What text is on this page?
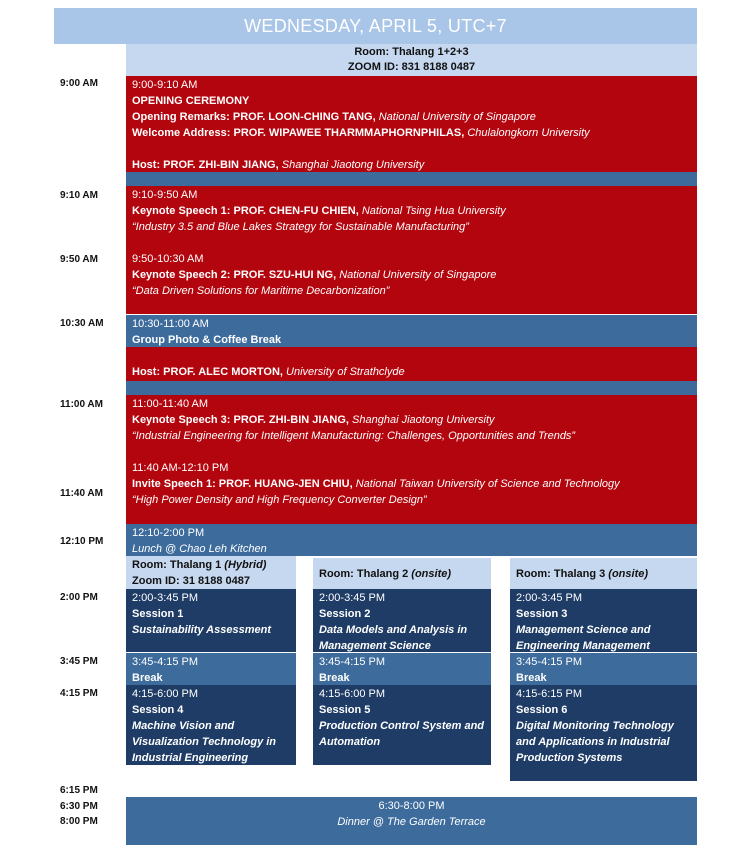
WEDNESDAY, APRIL 5, UTC+7
Room: Thalang 1+2+3
ZOOM ID: 831 8188 0487
9:00 AM
9:10 AM
9:50 AM
10:30 AM
11:00 AM
11:40 AM
12:10 PM
2:00 PM
3:45 PM
4:15 PM
6:15 PM
6:30 PM
8:00 PM
9:00-9:10 AM
OPENING CEREMONY
Opening Remarks: PROF. LOON-CHING TANG, National University of Singapore
Welcome Address: PROF. WIPAWEE THARMMAPHORNPHILAS, Chulalongkorn University

Host: PROF. ZHI-BIN JIANG, Shanghai Jiaotong University
9:10-9:50 AM
Keynote Speech 1: PROF. CHEN-FU CHIEN, National Tsing Hua University
“Industry 3.5 and Blue Lakes Strategy for Sustainable Manufacturing”

9:50-10:30 AM
Keynote Speech 2: PROF. SZU-HUI NG, National University of Singapore
“Data Driven Solutions for Maritime Decarbonization”
10:30-11:00 AM
Group Photo & Coffee Break

Host: PROF. ALEC MORTON, University of Strathclyde
11:00-11:40 AM
Keynote Speech 3: PROF. ZHI-BIN JIANG, Shanghai Jiaotong University
“Industrial Engineering for Intelligent Manufacturing: Challenges, Opportunities and Trends”

11:40 AM-12:10 PM
Invite Speech 1: PROF. HUANG-JEN CHIU, National Taiwan University of Science and Technology
“High Power Density and High Frequency Converter Design”
12:10-2:00 PM
Lunch @ Chao Leh Kitchen
Room: Thalang 1 (Hybrid)
Zoom ID: 31 8188 0487
Room: Thalang 2 (onsite)	Room: Thalang 3 (onsite)
2:00-3:45 PM
Session 1
Sustainability Assessment
2:00-3:45 PM
Session 2
Data Models and Analysis in Management Science
2:00-3:45 PM
Session 3
Management Science and Engineering Management
3:45-4:15 PM
Break
3:45-4:15 PM
Break
3:45-4:15 PM
Break
4:15-6:00 PM
Session 4
Machine Vision and Visualization Technology in Industrial Engineering
4:15-6:00 PM
Session 5
Production Control System and Automation
4:15-6:15 PM
Session 6
Digital Monitoring Technology and Applications in Industrial Production Systems
6:30-8:00 PM
Dinner @ The Garden Terrace
